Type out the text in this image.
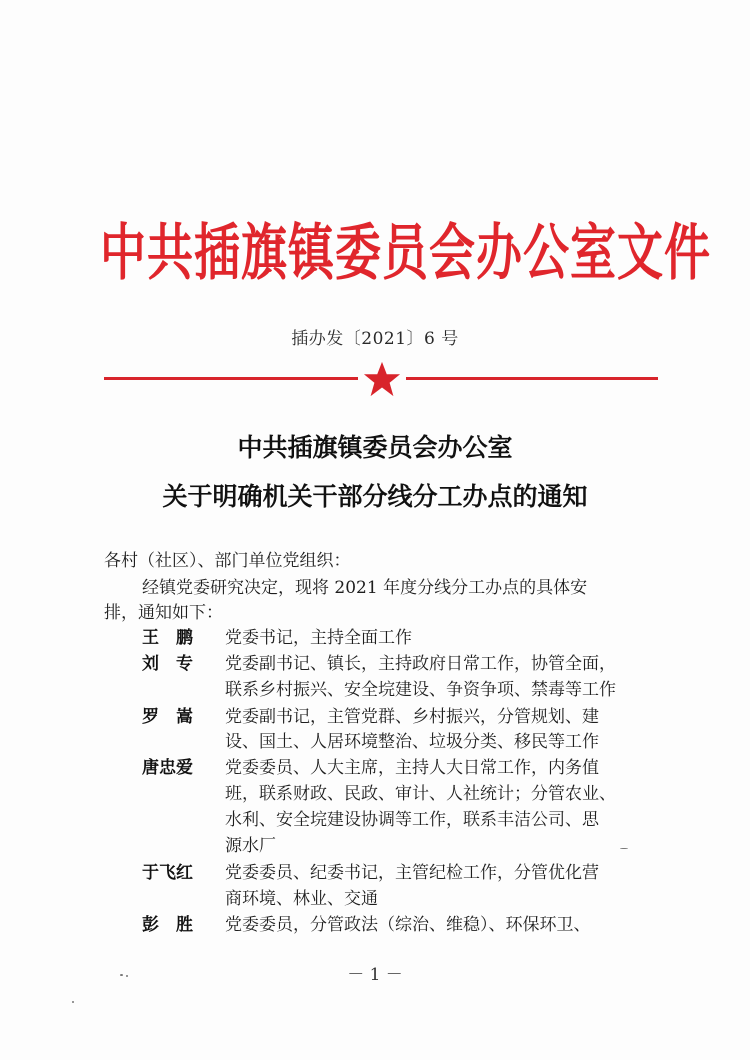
中共插旗镇委员会办公室文件
插办发〔2021〕6 号
中共插旗镇委员会办公室
关于明确机关干部分线分工办点的通知
各村（社区）、部门单位党组织：
经镇党委研究决定，现将 2021 年度分线分工办点的具体安
排，通知如下：
王　鹏	党委书记，主持全面工作
刘　专	党委副书记、镇长，主持政府日常工作，协管全面，
联系乡村振兴、安全垸建设、争资争项、禁毒等工作
罗　嵩	党委副书记，主管党群、乡村振兴，分管规划、建
设、国土、人居环境整治、垃圾分类、移民等工作
唐忠爱	党委委员、人大主席，主持人大日常工作，内务值
班，联系财政、民政、审计、人社统计；分管农业、
水利、安全垸建设协调等工作，联系丰洁公司、思
源水厂
于飞红	党委委员、纪委书记，主管纪检工作，分管优化营
商环境、林业、交通
彭　胜	党委委员，分管政法（综治、维稳）、环保环卫、
－ 1 －
